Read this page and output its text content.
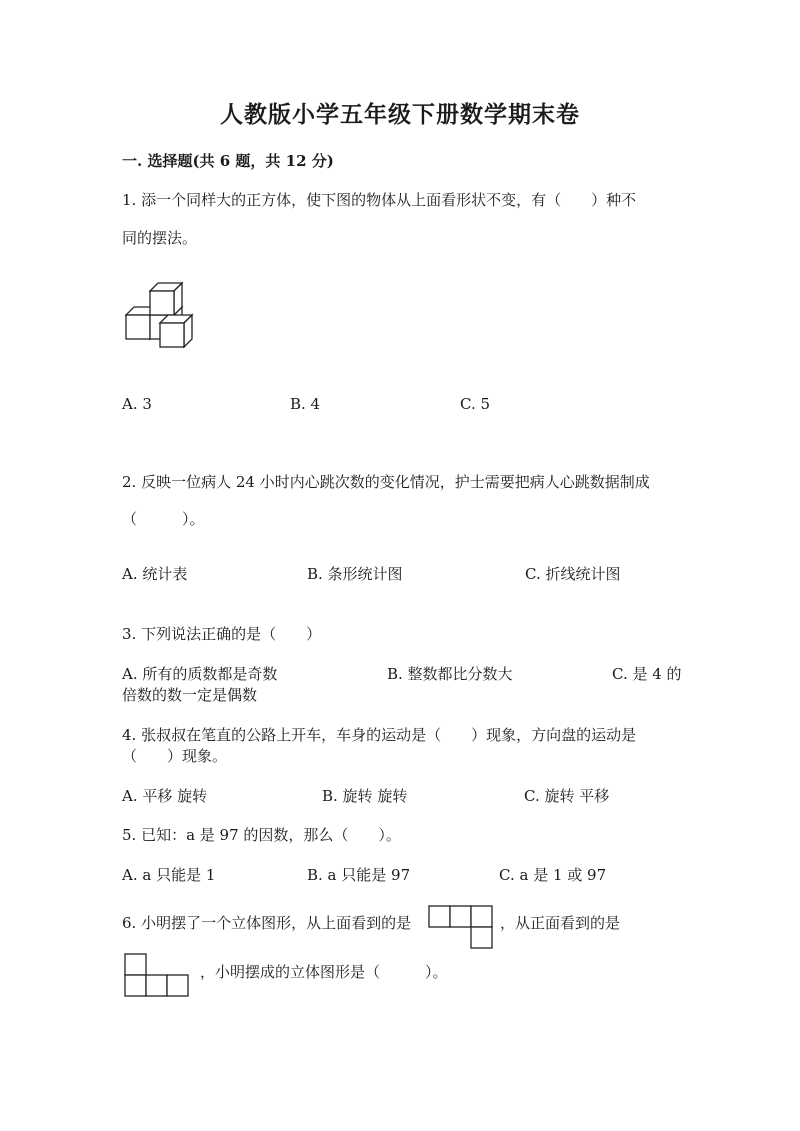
人教版小学五年级下册数学期末卷
一. 选择题(共 6 题，共 12 分)
1. 添一个同样大的正方体，使下图的物体从上面看形状不变，有（　　）种不
同的摆法。
A. 3	B. 4	C. 5
2. 反映一位病人 24 小时内心跳次数的变化情况，护士需要把病人心跳数据制成
（　　　）。
A. 统计表	B. 条形统计图	C. 折线统计图
3. 下列说法正确的是（　　）
A. 所有的质数都是奇数	B. 整数都比分数大	C. 是 4 的
倍数的数一定是偶数
4. 张叔叔在笔直的公路上开车，车身的运动是（　　）现象，方向盘的运动是
（　　）现象。
A. 平移 旋转	B. 旋转 旋转	C. 旋转 平移
5. 已知：a 是 97 的因数，那么（　　）。
A. a 只能是 1	B. a 只能是 97	C. a 是 1 或 97
6. 小明摆了一个立体图形，从上面看到的是	，从正面看到的是
，小明摆成的立体图形是（　　　）。
